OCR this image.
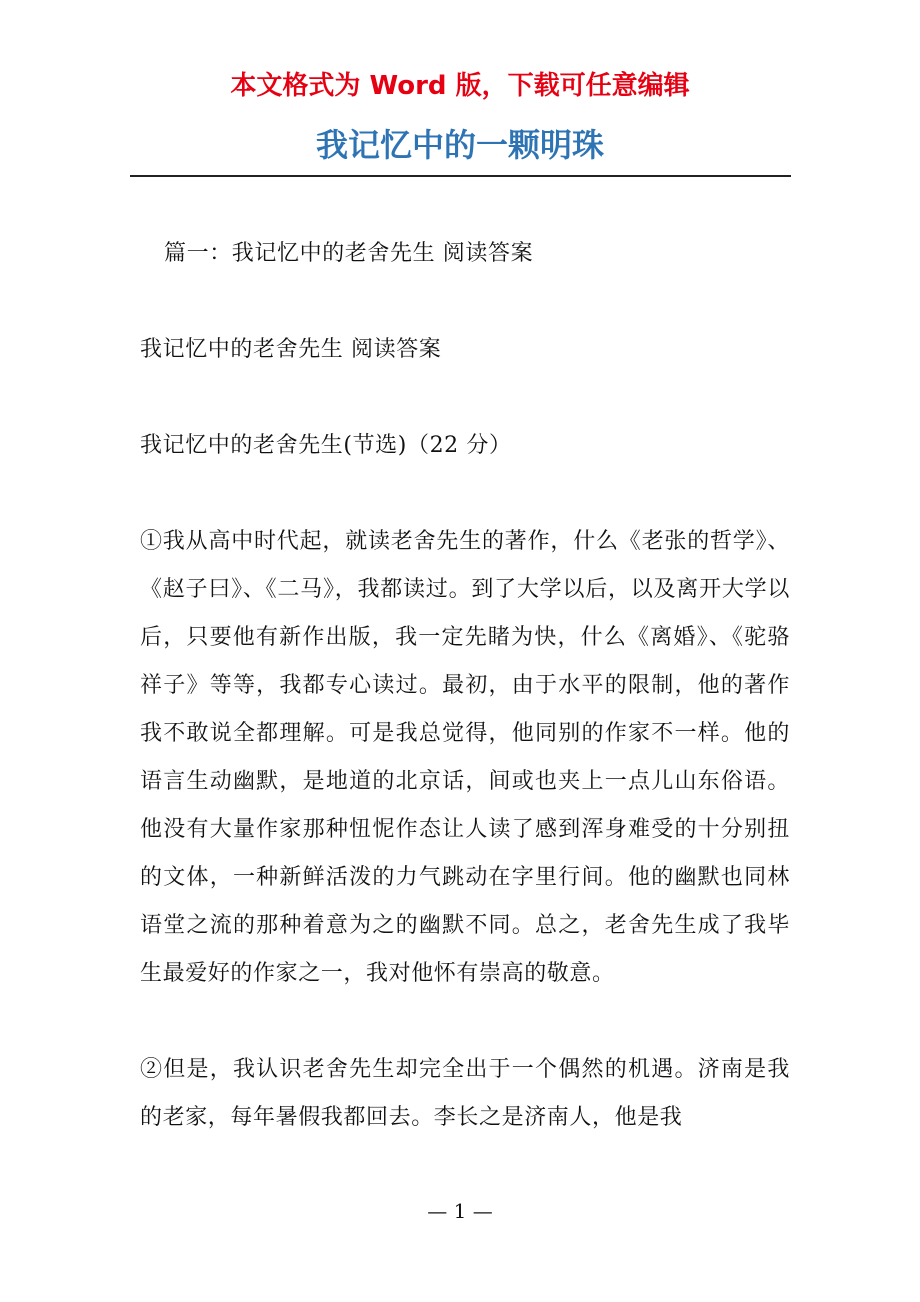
本文格式为 Word 版，下载可任意编辑
我记忆中的一颗明珠

篇一：我记忆中的老舍先生 阅读答案

我记忆中的老舍先生 阅读答案

我记忆中的老舍先生(节选)（22 分）

①我从高中时代起，就读老舍先生的著作，什么《老张的哲学》、《赵子曰》、《二马》，我都读过。到了大学以后，以及离开大学以后，只要他有新作出版，我一定先睹为快，什么《离婚》、《驼骆祥子》等等，我都专心读过。最初，由于水平的限制，他的著作我不敢说全都理解。可是我总觉得，他同别的作家不一样。他的语言生动幽默，是地道的北京话，间或也夹上一点儿山东俗语。他没有大量作家那种忸怩作态让人读了感到浑身难受的十分别扭的文体，一种新鲜活泼的力气跳动在字里行间。他的幽默也同林语堂之流的那种着意为之的幽默不同。总之，老舍先生成了我毕生最爱好的作家之一，我对他怀有崇高的敬意。

②但是，我认识老舍先生却完全出于一个偶然的机遇。济南是我的老家，每年暑假我都回去。李长之是济南人，他是我

— 1 —
